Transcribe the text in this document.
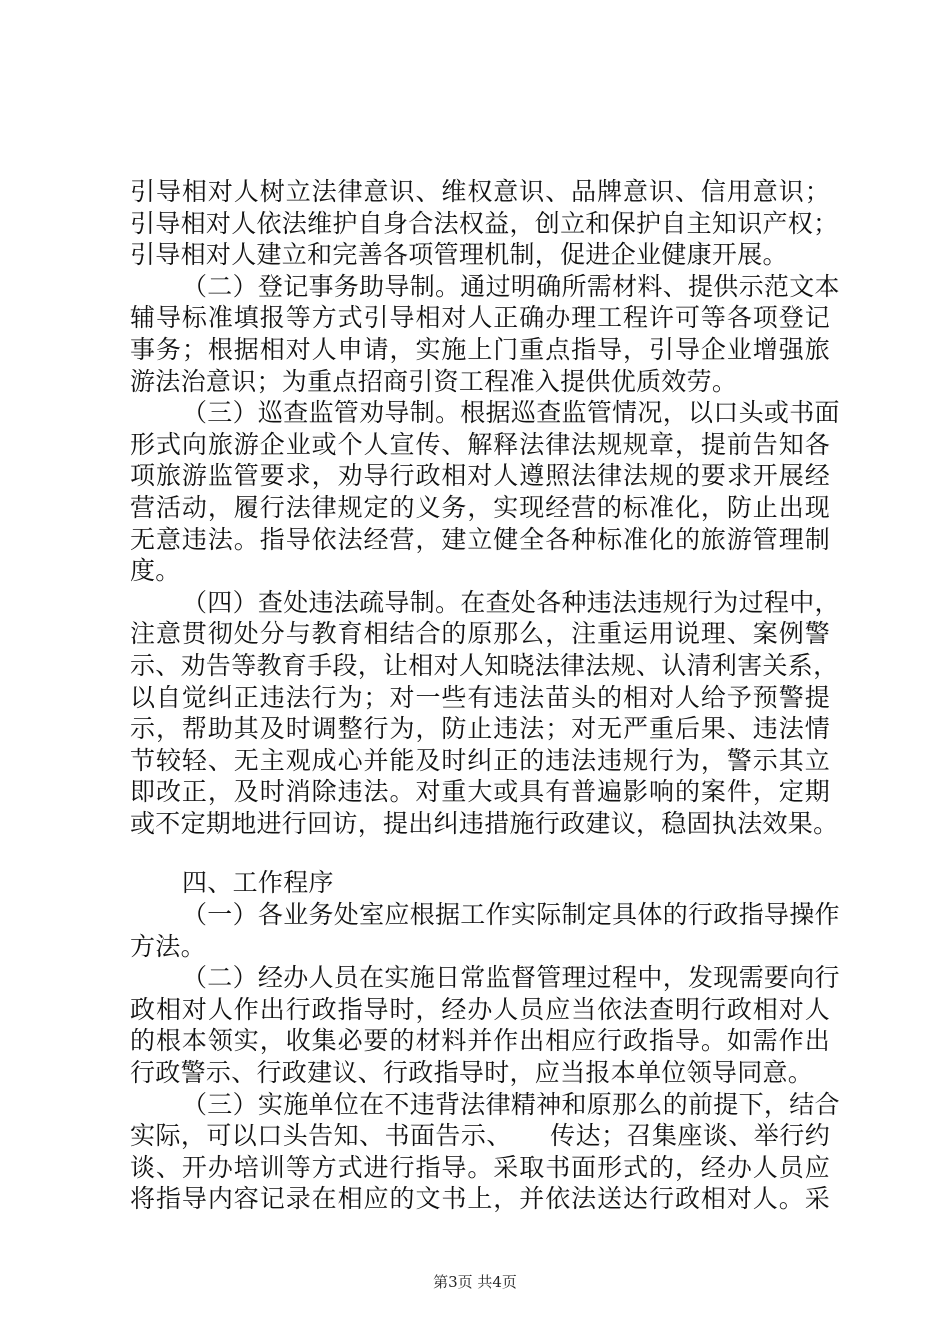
引导相对人树立法律意识、维权意识、品牌意识、信用意识；
引导相对人依法维护自身合法权益，创立和保护自主知识产权；
引导相对人建立和完善各项管理机制，促进企业健康开展。
（二）登记事务助导制。通过明确所需材料、提供示范文本
辅导标准填报等方式引导相对人正确办理工程许可等各项登记
事务；根据相对人申请，实施上门重点指导，引导企业增强旅
游法治意识；为重点招商引资工程准入提供优质效劳。
（三）巡查监管劝导制。根据巡查监管情况，以口头或书面
形式向旅游企业或个人宣传、解释法律法规规章，提前告知各
项旅游监管要求，劝导行政相对人遵照法律法规的要求开展经
营活动，履行法律规定的义务，实现经营的标准化，防止出现
无意违法。指导依法经营，建立健全各种标准化的旅游管理制
度。
（四）查处违法疏导制。在查处各种违法违规行为过程中，
注意贯彻处分与教育相结合的原那么，注重运用说理、案例警
示、劝告等教育手段，让相对人知晓法律法规、认清利害关系，
以自觉纠正违法行为；对一些有违法苗头的相对人给予预警提
示，帮助其及时调整行为，防止违法；对无严重后果、违法情
节较轻、无主观成心并能及时纠正的违法违规行为，警示其立
即改正，及时消除违法。对重大或具有普遍影响的案件，定期
或不定期地进行回访，提出纠违措施行政建议，稳固执法效果。
四、工作程序
（一）各业务处室应根据工作实际制定具体的行政指导操作
方法。
（二）经办人员在实施日常监督管理过程中，发现需要向行
政相对人作出行政指导时，经办人员应当依法查明行政相对人
的根本领实，收集必要的材料并作出相应行政指导。如需作出
行政警示、行政建议、行政指导时，应当报本单位领导同意。
（三）实施单位在不违背法律精神和原那么的前提下，结合
实际，可以口头告知、书面告示、　　传达；召集座谈、举行约
谈、开办培训等方式进行指导。采取书面形式的，经办人员应
将指导内容记录在相应的文书上，并依法送达行政相对人。采
第3页 共4页
